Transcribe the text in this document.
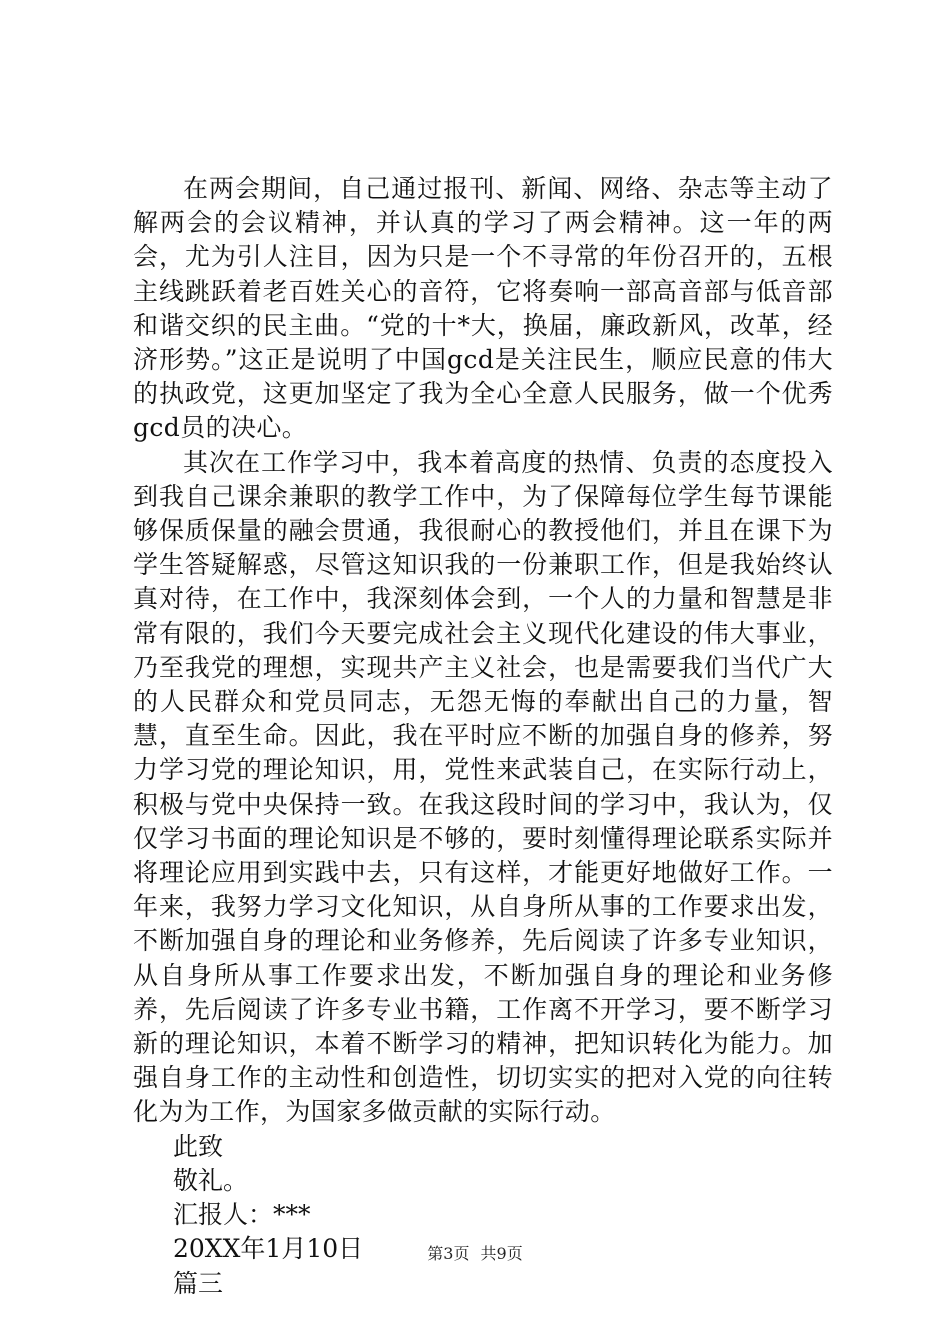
在两会期间，自己通过报刊、新闻、网络、杂志等主动了解两会的会议精神，并认真的学习了两会精神。这一年的两会，尤为引人注目，因为只是一个不寻常的年份召开的，五根主线跳跃着老百姓关心的音符，它将奏响一部高音部与低音部和谐交织的民主曲。“党的十*大，换届，廉政新风，改革，经济形势。”这正是说明了中国gcd是关注民生，顺应民意的伟大的执政党，这更加坚定了我为全心全意人民服务，做一个优秀gcd员的决心。

其次在工作学习中，我本着高度的热情、负责的态度投入到我自己课余兼职的教学工作中，为了保障每位学生每节课能够保质保量的融会贯通，我很耐心的教授他们，并且在课下为学生答疑解惑，尽管这知识我的一份兼职工作，但是我始终认真对待，在工作中，我深刻体会到，一个人的力量和智慧是非常有限的，我们今天要完成社会主义现代化建设的伟大事业，乃至我党的理想，实现共产主义社会，也是需要我们当代广大的人民群众和党员同志，无怨无悔的奉献出自己的力量，智慧，直至生命。因此，我在平时应不断的加强自身的修养，努力学习党的理论知识，用，党性来武装自己，在实际行动上，积极与党中央保持一致。在我这段时间的学习中，我认为，仅仅学习书面的理论知识是不够的，要时刻懂得理论联系实际并将理论应用到实践中去，只有这样，才能更好地做好工作。一年来，我努力学习文化知识，从自身所从事的工作要求出发，不断加强自身的理论和业务修养，先后阅读了许多专业知识，从自身所从事工作要求出发，不断加强自身的理论和业务修养，先后阅读了许多专业书籍，工作离不开学习，要不断学习新的理论知识，本着不断学习的精神，把知识转化为能力。加强自身工作的主动性和创造性，切切实实的把对入党的向往转化为为工作，为国家多做贡献的实际行动。

此致

敬礼。

汇报人：***

20XX年1月10日

篇三

第3页 共9页
